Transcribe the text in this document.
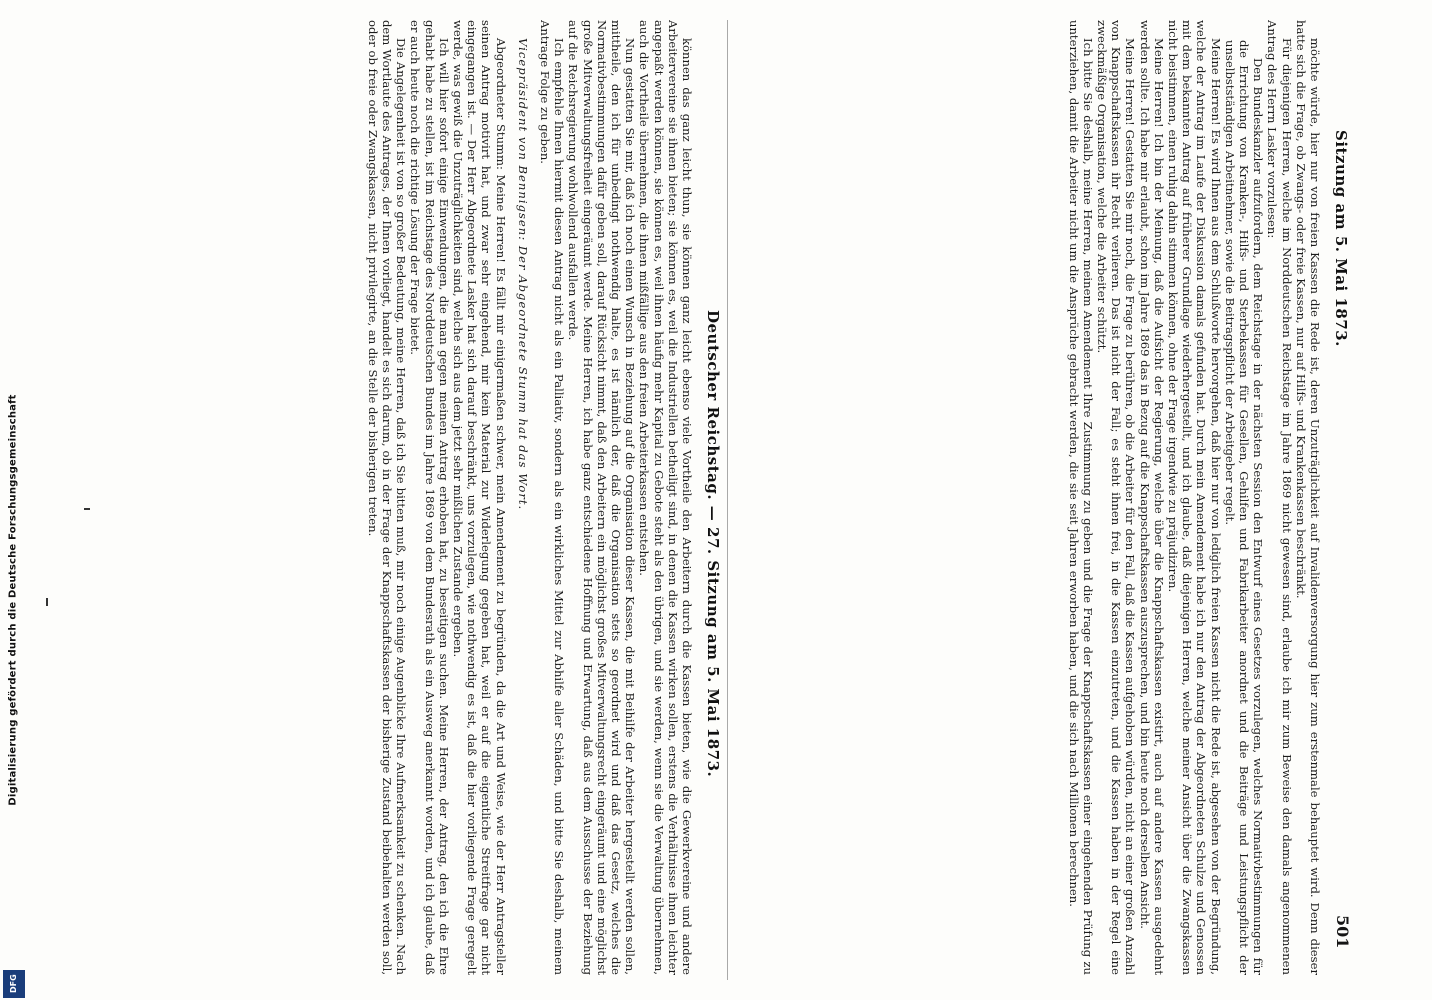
Digitalisierung gefördert durch die Deutsche Forschungsgemeinschaft
DFG
Deutscher Reichstag. — 27. Sitzung am 5. Mai 1873.

können das ganz leicht thun, sie können ganz leicht ebenso viele Vortheile den Arbeitern durch die Kassen bieten, wie die Gewerkvereine und andere Arbeitervereine sie ihnen bieten; sie können es, weil die Industriellen betheiligt sind, in denen die Kassen wirken sollen, erstens die Verhältnisse ihnen leichter angepaßt werden können, sie können es, weil ihnen häufig mehr Kapital zu Gebote steht als den übrigen, und sie werden, wenn sie die Verwaltung übernehmen, auch die Vortheile übernehmen, die ihnen mißfällige aus den freien Arbeiterkassen entstehen.

Nun gestatten Sie mir, daß ich noch einen Wunsch in Beziehung auf die Organisation dieser Kassen, die mit Beihilfe der Arbeiter hergestellt werden sollen, mittheile, den ich für unbedingt nothwendig halte, es ist nämlich der, daß die Organisation stets so geordnet wird und daß das Gesetz, welches die Normativbestimmungen dafür geben soll, darauf Rücksicht nimmt, daß den Arbeitern ein möglichst großes Mitverwaltungsrecht eingeräumt und eine möglichst große Mitverwaltungsfreiheit eingeräumt werde. Meine Herren, ich habe ganz entschiedene Hoffnung und Erwartung, daß aus dem Ausschusse der Beziehung auf die Reichsregierung wohlwollend ausfallen werde.

Ich empfehle Ihnen hiermit diesen Antrag nicht als ein Palliativ, sondern als ein wirkliches Mittel zur Abhilfe aller Schäden, und bitte Sie deshalb, meinem Antrage Folge zu geben.

Vicepräsident von Bennigsen: Der Abgeordnete Stumm hat das Wort.

Abgeordneter Stumm: Meine Herren! Es fällt mir einigermaßen schwer, mein Amendement zu begründen, da die Art und Weise, wie der Herr Antragsteller seinen Antrag motivirt hat, und zwar sehr eingehend, mir kein Material zur Widerlegung gegeben hat, weil er auf die eigentliche Streitfrage gar nicht eingegangen ist. — Der Herr Abgeordnete Lasker hat sich darauf beschränkt, uns vorzulegen, wie nothwendig es ist, daß die hier vorliegende Frage geregelt werde, was gewiß die Unzuträglichkeiten sind, welche sich aus dem jetzt sehr mißlichen Zustande ergeben.

Ich will hier sofort einige Einwendungen, die man gegen meinen Antrag erhoben hat, zu beseitigen suchen. Meine Herren, der Antrag, den ich die Ehre gehabt habe zu stellen, ist im Reichstage des Norddeutschen Bundes im Jahre 1869 von dem Bundesrath als ein Ausweg anerkannt worden, und ich glaube, daß er auch heute noch die richtige Lösung der Frage bietet.

Die Angelegenheit ist von so großer Bedeutung, meine Herren, daß ich Sie bitten muß, mir noch einige Augenblicke Ihre Aufmerksamkeit zu schenken. Nach dem Wortlaute des Antrages, der Ihnen vorliegt, handelt es sich darum, ob in der Frage der Knappschaftskassen der bisherige Zustand beibehalten werden soll, oder ob freie oder Zwangskassen, nicht privilegirte, an die Stelle der bisherigen treten.	Sitzung am 5. Mai 1873.
501

möchte würde, hier nur von freien Kassen die Rede ist, deren Unzuträglichkeit auf Invalidenversorgung hier zum erstenmale behauptet wird. Denn dieser hatte sich die Frage, ob Zwangs- oder freie Kassen, nur auf Hilfs- und Krankenkassen beschränkt.

Für diejenigen Herren, welche im Norddeutschen Reichstage im Jahre 1869 nicht gewesen sind, erlaube ich mir zum Beweise den damals angenommenen Antrag des Herrn Lasker vorzulesen:

Den Bundeskanzler aufzufordern, dem Reichstage in der nächsten Session den Entwurf eines Gesetzes vorzulegen, welches Normativbestimmungen für die Errichtung von Kranken-, Hilfs- und Sterbekassen für Gesellen, Gehilfen und Fabrikarbeiter anordnet und die Beiträge und Leistungspflicht der unselbstständigen Arbeitnehmer, sowie die Beitragspflicht der Arbeitgeber regelt.

Meine Herren! Es wird Ihnen aus dem Schlußworte hervorgehen, daß hier nur von lediglich freien Kassen nicht die Rede ist, abgesehen von der Begründung, welche der Antrag im Laufe der Diskussion damals gefunden hat. Durch mein Amendement habe ich nur den Antrag der Abgeordneten Schulze und Genossen mit dem bekannten Antrag auf früherer Grundlage wiederhergestellt, und ich glaube, daß diejenigen Herren, welche meiner Ansicht über die Zwangskassen nicht beistimmen, einen ruhig dahin stimmen können, ohne der Frage irgendwie zu präjudiziren.

Meine Herren! Ich bin der Meinung, daß die Aufsicht der Regierung, welche über die Knappschaftskassen existirt, auch auf andere Kassen ausgedehnt werden sollte. Ich habe mir erlaubt, schon im Jahre 1869 das in Bezug auf die Knappschaftskassen auszusprechen, und bin heute noch derselben Ansicht.

Meine Herren! Gestatten Sie mir noch, die Frage zu berühren, ob die Arbeiter für den Fall, daß die Kassen aufgehoben würden, nicht an einer großen Anzahl von Knappschaftskassen ihr Recht verlieren. Das ist nicht der Fall; es steht ihnen frei, in die Kassen einzutreten, und die Kassen haben in der Regel eine zweckmäßige Organisation, welche die Arbeiter schützt.

Ich bitte Sie deshalb, meine Herren, meinem Amendement Ihre Zustimmung zu geben und die Frage der Knappschaftskassen einer eingehenden Prüfung zu unterziehen, damit die Arbeiter nicht um die Ansprüche gebracht werden, die sie seit Jahren erworben haben, und die sich nach Millionen berechnen.
